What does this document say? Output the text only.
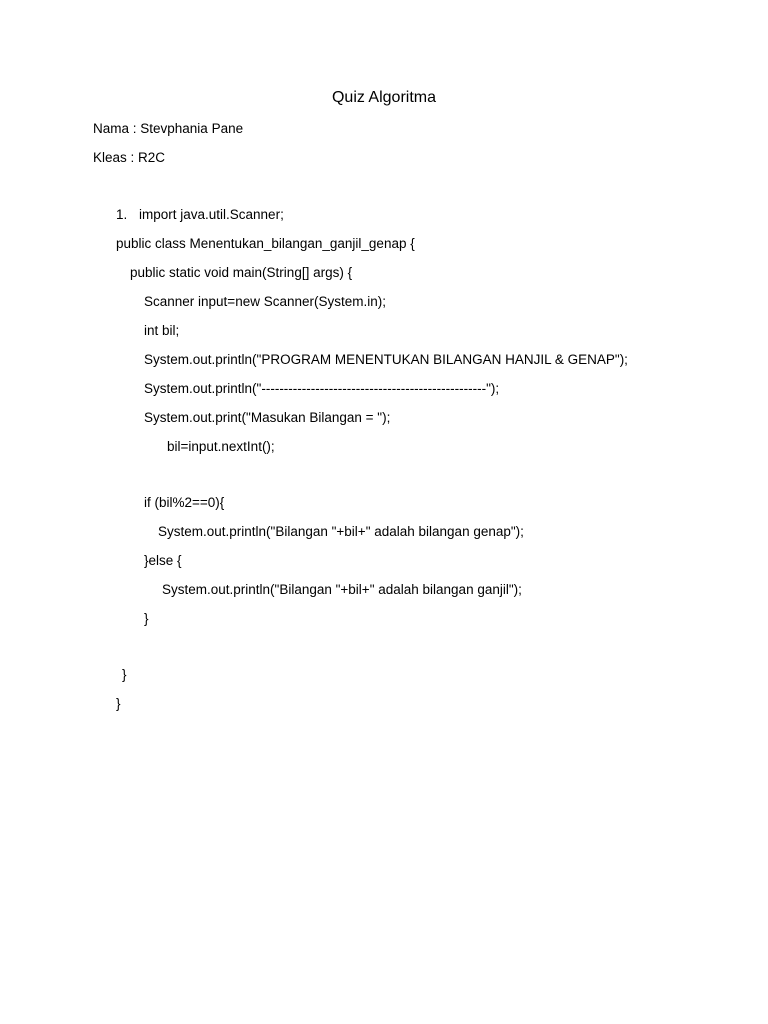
Quiz Algoritma
Nama : Stevphania Pane
Kleas : R2C
1. import java.util.Scanner;
public class Menentukan_bilangan_ganjil_genap {
public static void main(String[] args) {
Scanner input=new Scanner(System.in);
int bil;
System.out.println("PROGRAM MENENTUKAN BILANGAN HANJIL & GENAP");
System.out.println("--------------------------------------------------");
System.out.print("Masukan Bilangan = ");
bil=input.nextInt();
if (bil%2==0){
System.out.println("Bilangan "+bil+" adalah bilangan genap");
}else {
System.out.println("Bilangan "+bil+" adalah bilangan ganjil");
}
}
}
